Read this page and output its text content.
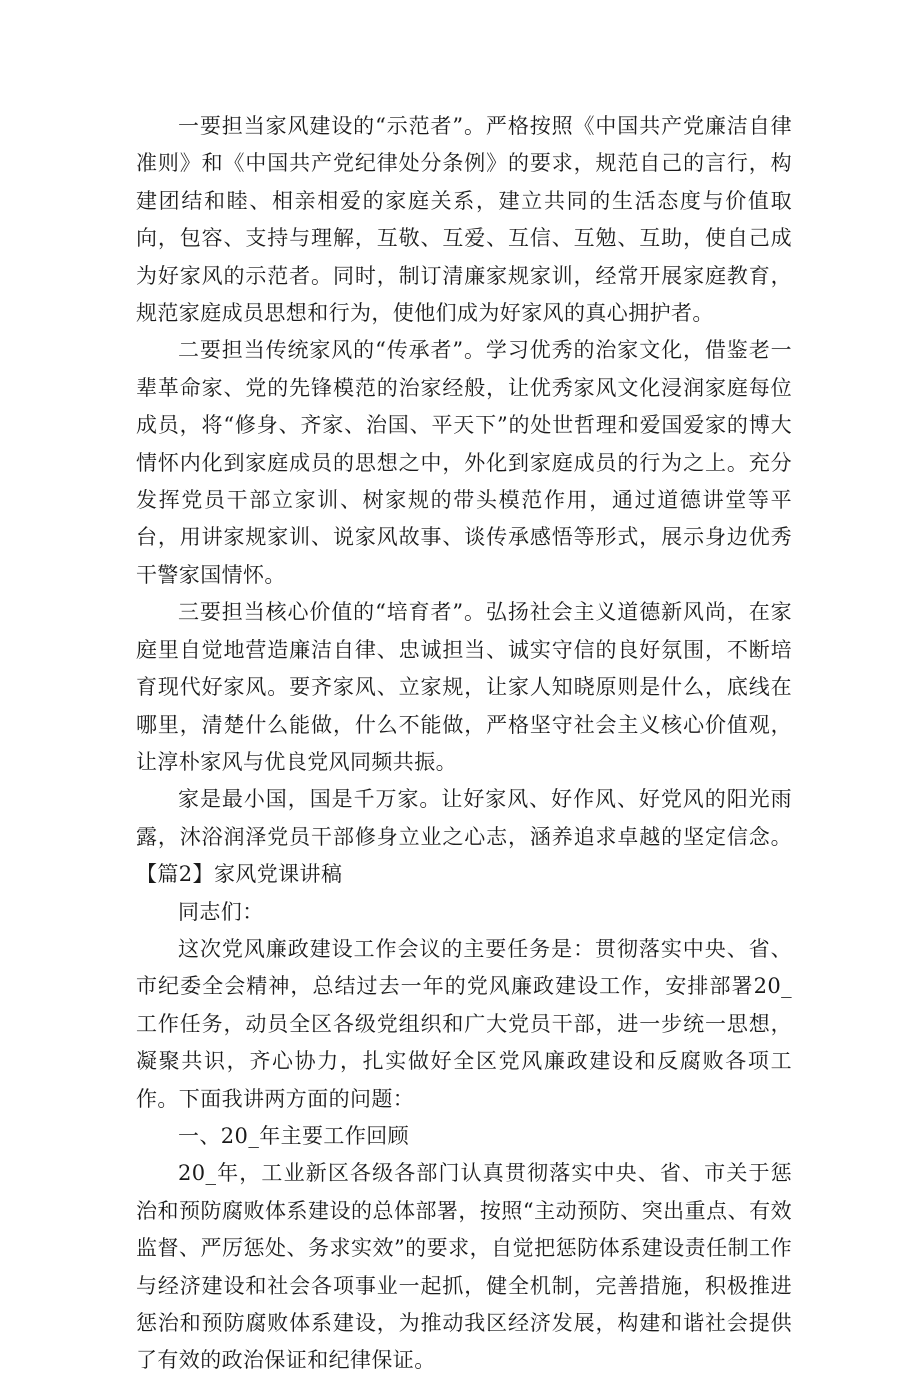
一要担当家风建设的“示范者”。严格按照《中国共产党廉洁自律准则》和《中国共产党纪律处分条例》的要求，规范自己的言行，构建团结和睦、相亲相爱的家庭关系，建立共同的生活态度与价值取向，包容、支持与理解，互敬、互爱、互信、互勉、互助，使自己成为好家风的示范者。同时，制订清廉家规家训，经常开展家庭教育，规范家庭成员思想和行为，使他们成为好家风的真心拥护者。

二要担当传统家风的“传承者”。学习优秀的治家文化，借鉴老一辈革命家、党的先锋模范的治家经般，让优秀家风文化浸润家庭每位成员，将“修身、齐家、治国、平天下”的处世哲理和爱国爱家的博大情怀内化到家庭成员的思想之中，外化到家庭成员的行为之上。充分发挥党员干部立家训、树家规的带头模范作用，通过道德讲堂等平台，用讲家规家训、说家风故事、谈传承感悟等形式，展示身边优秀干警家国情怀。

三要担当核心价值的“培育者”。弘扬社会主义道德新风尚，在家庭里自觉地营造廉洁自律、忠诚担当、诚实守信的良好氛围，不断培育现代好家风。要齐家风、立家规，让家人知晓原则是什么，底线在哪里，清楚什么能做，什么不能做，严格坚守社会主义核心价值观，让淳朴家风与优良党风同频共振。

家是最小国，国是千万家。让好家风、好作风、好党风的阳光雨露，沐浴润泽党员干部修身立业之心志，涵养追求卓越的坚定信念。【篇2】家风党课讲稿

同志们：

这次党风廉政建设工作会议的主要任务是：贯彻落实中央、省、市纪委全会精神，总结过去一年的党风廉政建设工作，安排部署20_工作任务，动员全区各级党组织和广大党员干部，进一步统一思想，凝聚共识，齐心协力，扎实做好全区党风廉政建设和反腐败各项工作。下面我讲两方面的问题：

一、20_年主要工作回顾

20_年，工业新区各级各部门认真贯彻落实中央、省、市关于惩治和预防腐败体系建设的总体部署，按照“主动预防、突出重点、有效监督、严厉惩处、务求实效”的要求，自觉把惩防体系建设责任制工作与经济建设和社会各项事业一起抓，健全机制，完善措施，积极推进惩治和预防腐败体系建设，为推动我区经济发展，构建和谐社会提供了有效的政治保证和纪律保证。
